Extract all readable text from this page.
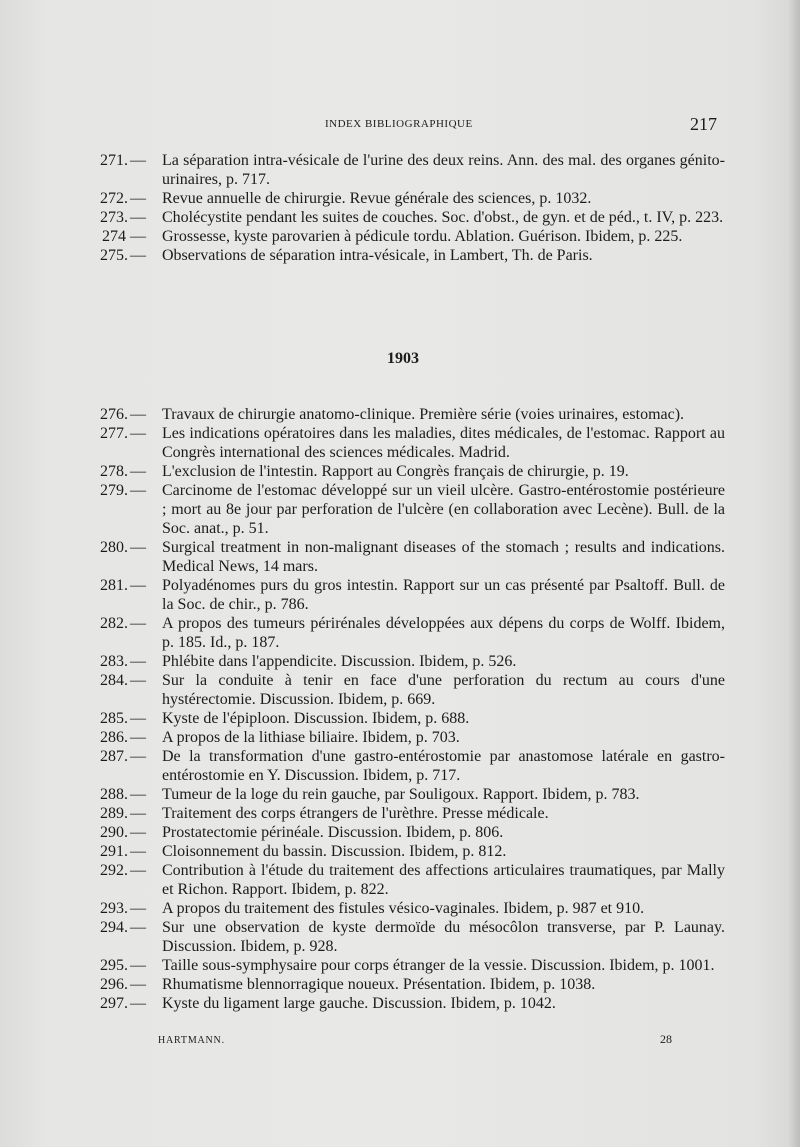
INDEX BIBLIOGRAPHIQUE	217
271. — La séparation intra-vésicale de l'urine des deux reins. Ann. des mal. des organes génito-urinaires, p. 717.
272. — Revue annuelle de chirurgie. Revue générale des sciences, p. 1032.
273. — Cholécystite pendant les suites de couches. Soc. d'obst., de gyn. et de péd., t. IV, p. 223.
274 — Grossesse, kyste parovarien à pédicule tordu. Ablation. Guérison. Ibidem, p. 225.
275. — Observations de séparation intra-vésicale, in Lambert, Th. de Paris.
1903
276. — Travaux de chirurgie anatomo-clinique. Première série (voies urinaires, estomac).
277. — Les indications opératoires dans les maladies, dites médicales, de l'estomac. Rapport au Congrès international des sciences médicales. Madrid.
278. — L'exclusion de l'intestin. Rapport au Congrès français de chirurgie, p. 19.
279. — Carcinome de l'estomac développé sur un vieil ulcère. Gastro-entérostomie postérieure ; mort au 8e jour par perforation de l'ulcère (en collaboration avec Lecène). Bull. de la Soc. anat., p. 51.
280. — Surgical treatment in non-malignant diseases of the stomach ; results and indications. Medical News, 14 mars.
281. — Polyadénomes purs du gros intestin. Rapport sur un cas présenté par Psaltoff. Bull. de la Soc. de chir., p. 786.
282. — A propos des tumeurs périrénales développées aux dépens du corps de Wolff. Ibidem, p. 185. Id., p. 187.
283. — Phlébite dans l'appendicite. Discussion. Ibidem, p. 526.
284. — Sur la conduite à tenir en face d'une perforation du rectum au cours d'une hystérectomie. Discussion. Ibidem, p. 669.
285. — Kyste de l'épiploon. Discussion. Ibidem, p. 688.
286. — A propos de la lithiase biliaire. Ibidem, p. 703.
287. — De la transformation d'une gastro-entérostomie par anastomose latérale en gastro-entérostomie en Y. Discussion. Ibidem, p. 717.
288. — Tumeur de la loge du rein gauche, par Souligoux. Rapport. Ibidem, p. 783.
289. — Traitement des corps étrangers de l'urèthre. Presse médicale.
290. — Prostatectomie périnéale. Discussion. Ibidem, p. 806.
291. — Cloisonnement du bassin. Discussion. Ibidem, p. 812.
292. — Contribution à l'étude du traitement des affections articulaires traumatiques, par Mally et Richon. Rapport. Ibidem, p. 822.
293. — A propos du traitement des fistules vésico-vaginales. Ibidem, p. 987 et 910.
294. — Sur une observation de kyste dermoïde du mésocôlon transverse, par P. Launay. Discussion. Ibidem, p. 928.
295. — Taille sous-symphysaire pour corps étranger de la vessie. Discussion. Ibidem, p. 1001.
296. — Rhumatisme blennorragique noueux. Présentation. Ibidem, p. 1038.
297. — Kyste du ligament large gauche. Discussion. Ibidem, p. 1042.
HARTMANN.	28
